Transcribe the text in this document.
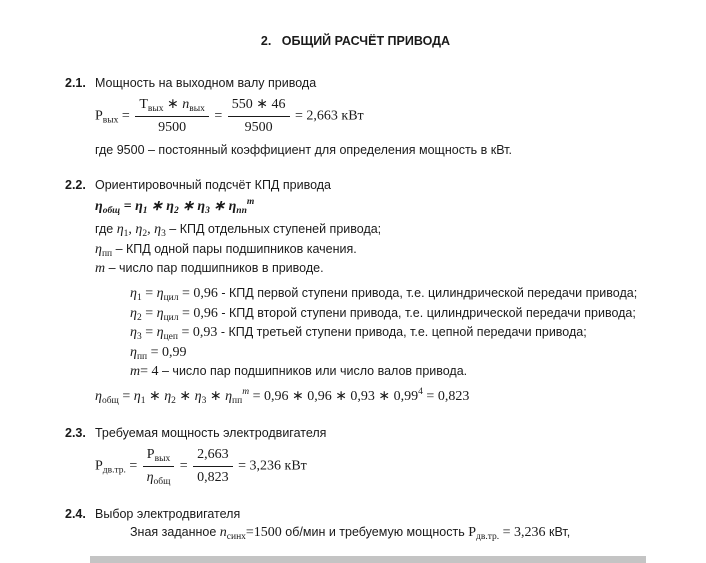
2.   ОБЩИЙ РАСЧЁТ ПРИВОДА
2.1. Мощность на выходном валу привода

$Р_{вых} = \frac{Т_{вых} ∗ n_{вых}}{9500} = \frac{550 ∗ 46}{9500} = 2,663$ кВт

где 9500 – постоянный коэффициент для определения мощность в кВт.

2.2. Ориентировочный подсчёт КПД привода

$\eta_{общ} = \eta_1$ ∗ $\eta_2$ ∗ $\eta_3$ ∗ $\eta_{пп}^m$

где $\eta_1$, $\eta_2$, $\eta_3$ – КПД отдельных ступеней привода;

$\eta_{пп}$ – КПД одной пары подшипников качения.

m – число пар подшипников в приводе.

$\eta_1 = \eta_{цил} = 0,96$ - КПД первой ступени привода, т.е. цилиндрической передачи привода;

$\eta_2 = \eta_{цил} = 0,96$ - КПД второй ступени привода, т.е. цилиндрической передачи привода;

$\eta_3 = \eta_{цеп} = 0,93$ - КПД третьей ступени привода, т.е. цепной передачи привода;

$\eta_{пп} = 0,99$

m= 4 – число пар подшипников или число валов привода.

$\eta_{общ} = \eta_1$ ∗ $\eta_2$ ∗ $\eta_3$ ∗ $\eta_{пп}^m = 0,96$ ∗ 0,96 ∗ 0,93 ∗ $0,99^4 = 0,823$

2.3. Требуемая мощность электродвигателя

$Р_{дв.тр.} = \frac{Р_{вых}}{\eta_{общ}} = \frac{2,663}{0,823} = 3,236$ кВт

2.4. Выбор электродвигателя

Зная заданное $n_{синх}=1500$ об/мин и требуемую мощность $Р_{дв.тр.} = 3,236$ кВт,
